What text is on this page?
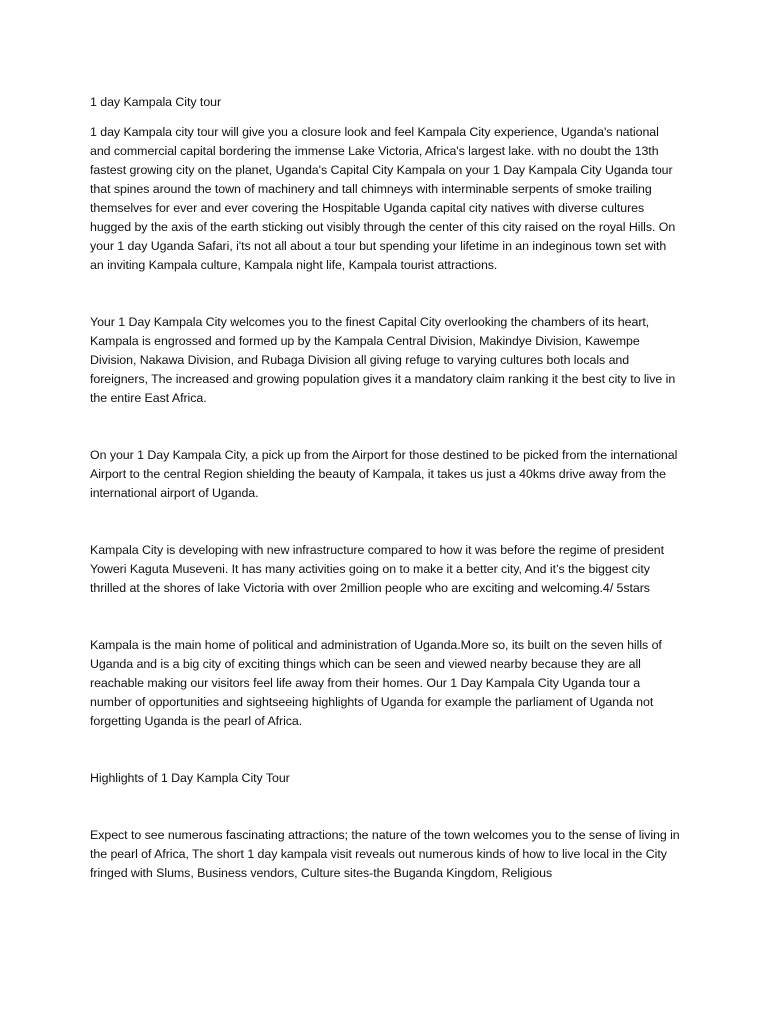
1 day Kampala City tour

1 day Kampala city tour will give you a closure look and feel Kampala City experience, Uganda's national and commercial capital bordering the immense Lake Victoria, Africa's largest lake. with no doubt the 13th fastest growing city on the planet, Uganda's Capital City Kampala on your 1 Day Kampala City Uganda tour that spines around the town of machinery and tall chimneys with interminable serpents of smoke trailing themselves for ever and ever covering the Hospitable Uganda capital city natives with diverse cultures hugged by the axis of the earth sticking out visibly through the center of this city raised on the royal Hills. On your 1 day Uganda Safari, i'ts not all about a tour but spending your lifetime in an indeginous town set with an inviting Kampala culture, Kampala night life, Kampala tourist attractions.

Your 1 Day Kampala City welcomes you to the finest Capital City overlooking the chambers of its heart, Kampala is engrossed and formed up by the Kampala Central Division, Makindye Division, Kawempe Division, Nakawa Division, and Rubaga Division all giving refuge to varying cultures both locals and foreigners, The increased and growing population gives it a mandatory claim ranking it the best city to live in the entire East Africa.

On your 1 Day Kampala City, a pick up from the Airport for those destined to be picked from the international Airport to the central Region shielding the beauty of Kampala, it takes us just a 40kms drive away from the international airport of Uganda.

Kampala City is developing with new infrastructure compared to how it was before the regime of president Yoweri Kaguta Museveni. It has many activities going on to make it a better city, And it’s the biggest city thrilled at the shores of lake Victoria with over 2million people who are exciting and welcoming.4/ 5stars

Kampala is the main home of political and administration of Uganda.More so, its built on the seven hills of Uganda and is a big city of exciting things which can be seen and viewed nearby because they are all reachable making our visitors feel life away from their homes. Our 1 Day Kampala City Uganda tour a number of opportunities and sightseeing highlights of Uganda for example the parliament of Uganda not forgetting Uganda is the pearl of Africa.

Highlights of 1 Day Kampla City Tour

Expect to see numerous fascinating attractions; the nature of the town welcomes you to the sense of living in the pearl of Africa, The short 1 day kampala visit reveals out numerous kinds of how to live local in the City fringed with Slums, Business vendors, Culture sites-the Buganda Kingdom, Religious
